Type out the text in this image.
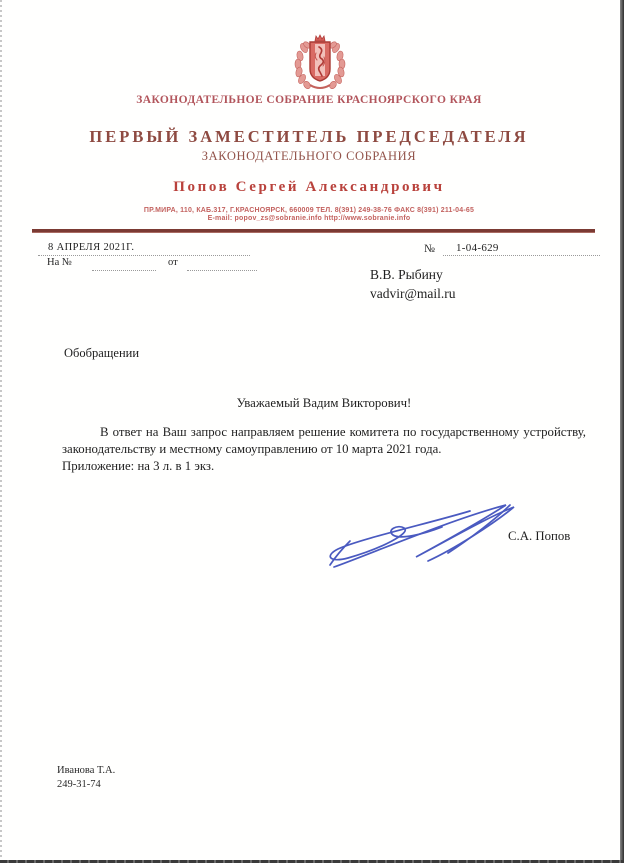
ЗАКОНОДАТЕЛЬНОЕ СОБРАНИЕ КРАСНОЯРСКОГО КРАЯ
ПЕРВЫЙ ЗАМЕСТИТЕЛЬ ПРЕДСЕДАТЕЛЯ
ЗАКОНОДАТЕЛЬНОГО СОБРАНИЯ
Попов Сергей Александрович
ПР.МИРА, 110, КАБ.317, Г.КРАСНОЯРСК, 660009 ТЕЛ. 8(391) 249-38-76 ФАКС 8(391) 211-04-65
E-mail: popov_zs@sobranie.info http://www.sobranie.info
8 АПРЕЛЯ 2021Г.	№	1-04-629
На №	от
В.В. Рыбину
vadvir@mail.ru
Обобращении
Уважаемый Вадим Викторович!

В ответ на Ваш запрос направляем решение комитета по государственному устройству, законодательству и местному самоуправлению от 10 марта 2021 года.

Приложение: на 3 л. в 1 экз.

С.А. Попов
Иванова Т.А.
249-31-74
